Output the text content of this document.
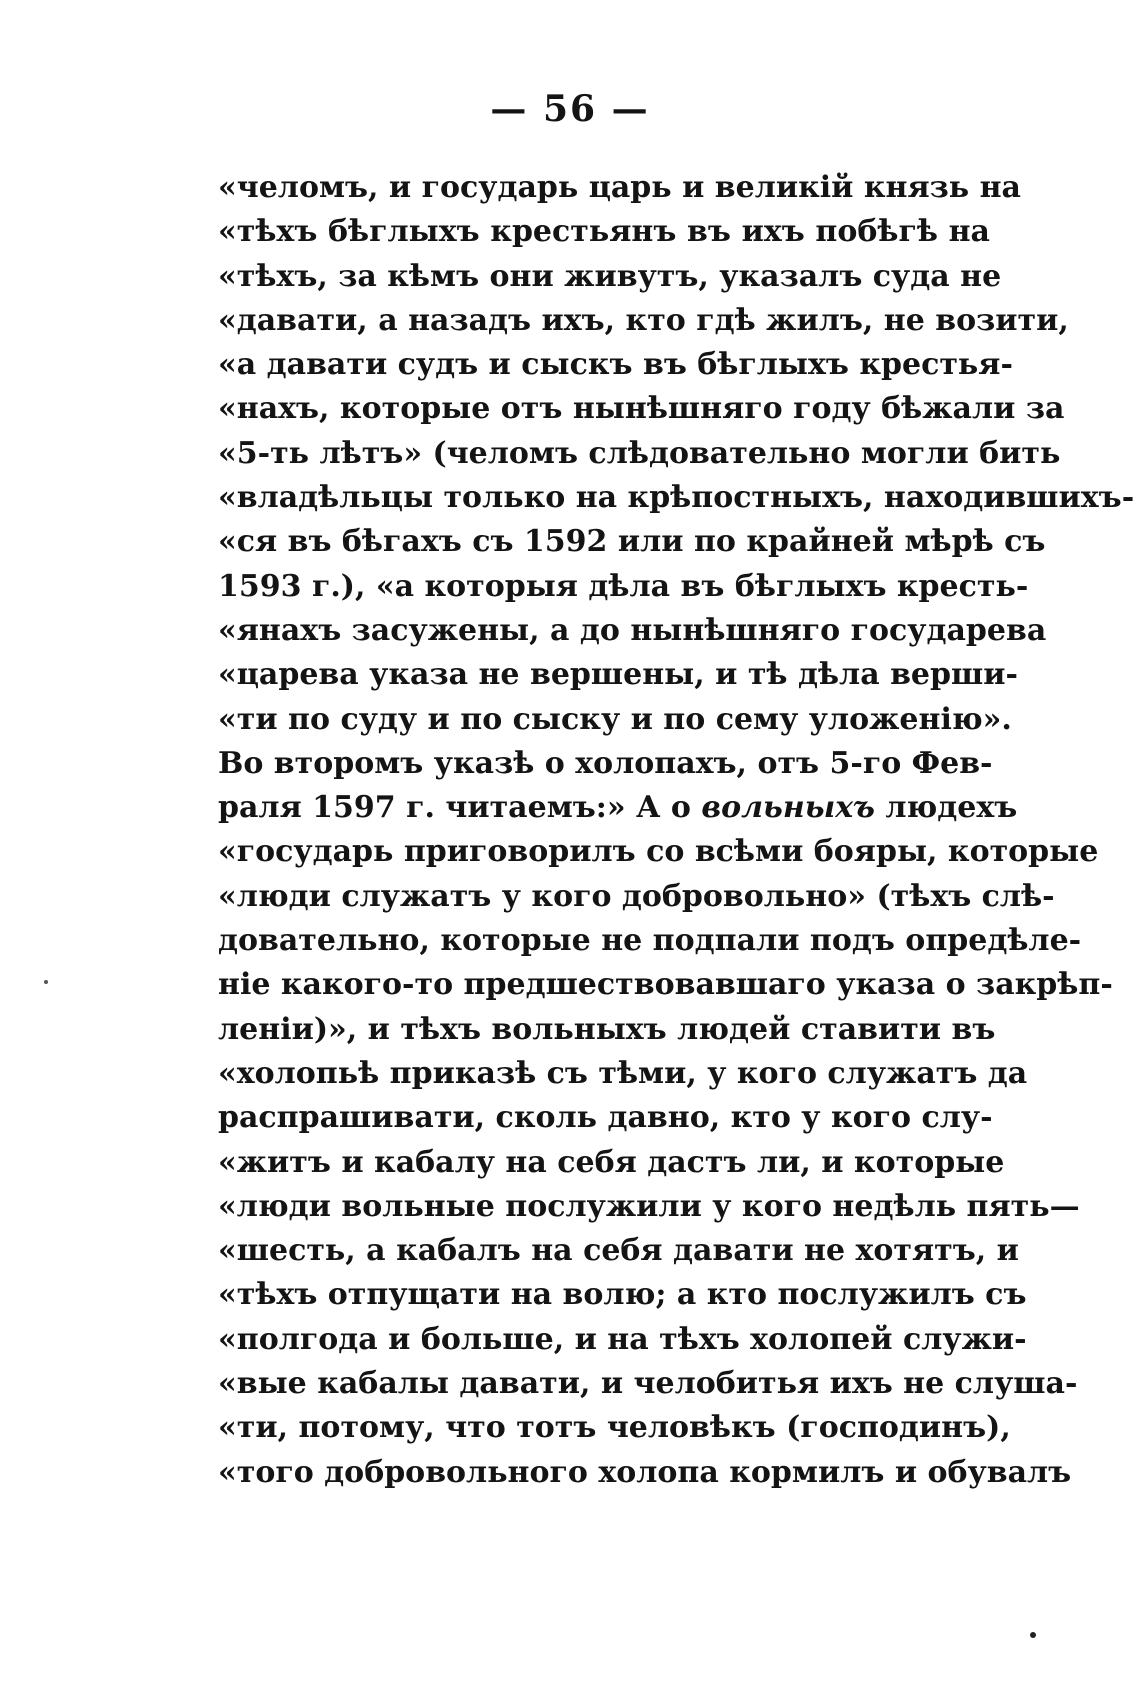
— 56 —
«челомъ, и государь царь и великій князь на
«тѣхъ бѣглыхъ крестьянъ въ ихъ побѣгѣ на
«тѣхъ, за кѣмъ они живутъ, указалъ суда не
«давати, а назадъ ихъ, кто гдѣ жилъ, не возити,
«а давати судъ и сыскъ въ бѣглыхъ крестья-
«нахъ, которые отъ нынѣшняго году бѣжали за
«5-ть лѣтъ» (челомъ слѣдовательно могли бить
«владѣльцы только на крѣпостныхъ, находившихъ-
«ся въ бѣгахъ съ 1592 или по крайней мѣрѣ съ
1593 г.), «а которыя дѣла въ бѣглыхъ кресть-
«янахъ засужены, а до нынѣшняго государева
«царева указа не вершены, и тѣ дѣла верши-
«ти по суду и по сыску и по сему уложенію».
Во второмъ указѣ о холопахъ, отъ 5-го Фев-
раля 1597 г. читаемъ:» А о вольныхъ людехъ
«государь приговорилъ со всѣми бояры, которые
«люди служатъ у кого добровольно» (тѣхъ слѣ-
довательно, которые не подпали подъ опредѣле-
ніе какого-то предшествовавшаго указа о закрѣп-
леніи)», и тѣхъ вольныхъ людей ставити въ
«холопьѣ приказѣ съ тѣми, у кого служатъ да
распрашивати, сколь давно, кто у кого слу-
«житъ и кабалу на себя дастъ ли, и которые
«люди вольные послужили у кого недѣль пять—
«шесть, а кабалъ на себя давати не хотятъ, и
«тѣхъ отпущати на волю; а кто послужилъ съ
«полгода и больше, и на тѣхъ холопей служи-
«вые кабалы давати, и челобитья ихъ не слуша-
«ти, потому, что тотъ человѣкъ (господинъ),
«того добровольного холопа кормилъ и обувалъ
